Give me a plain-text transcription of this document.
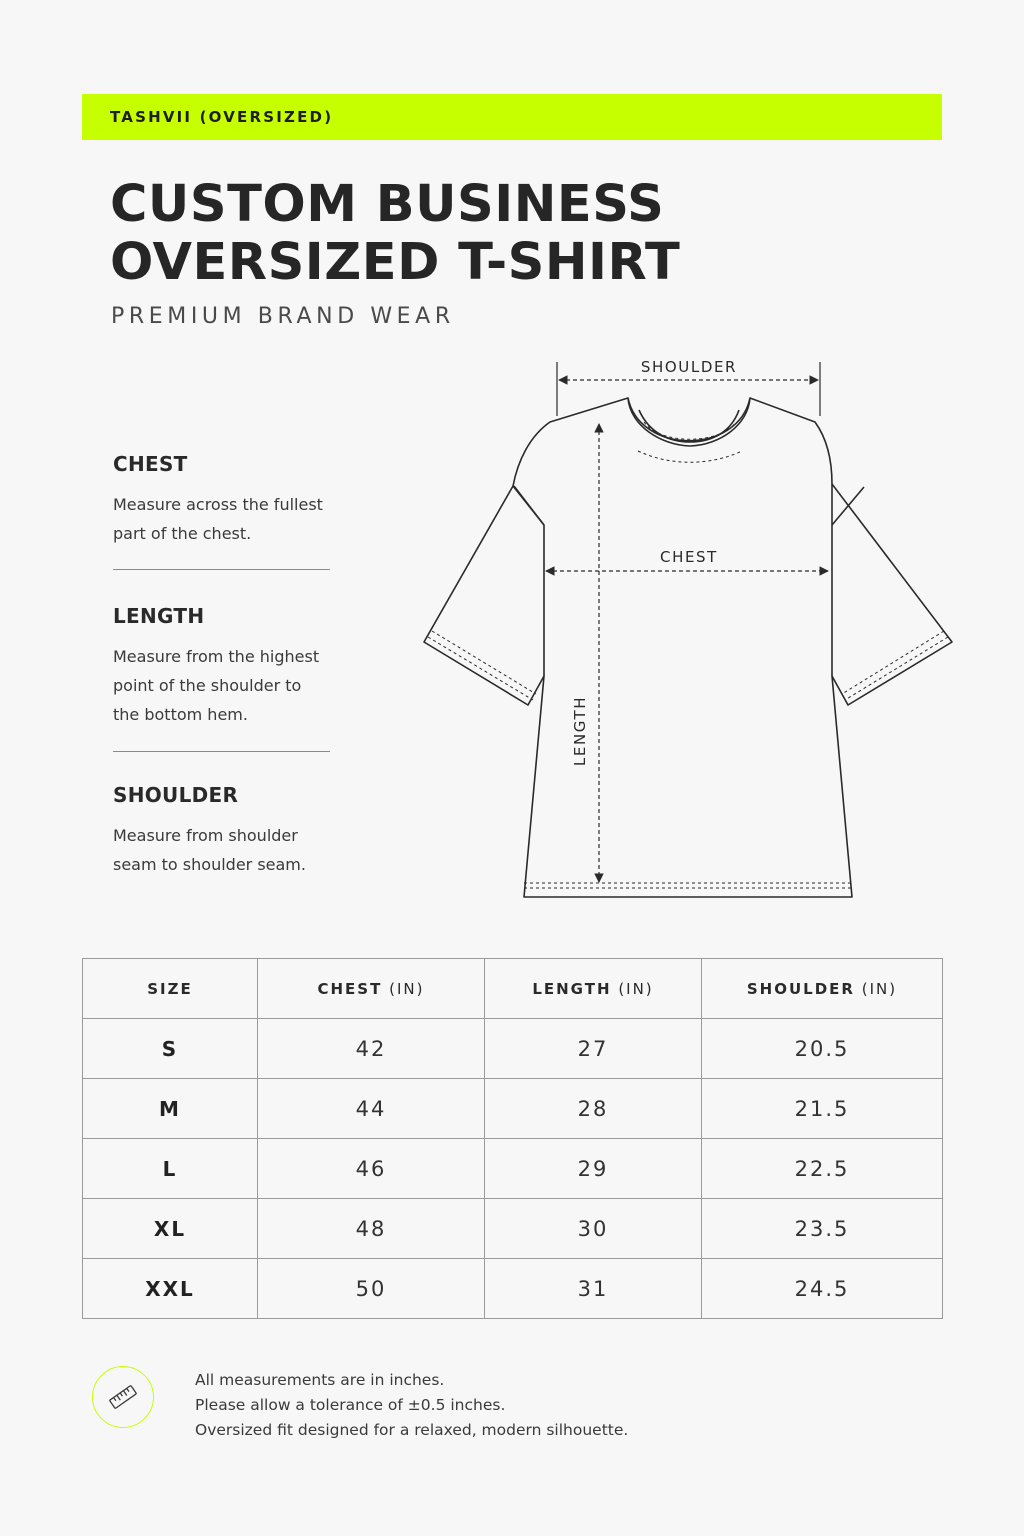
TASHVII (OVERSIZED)
CUSTOM BUSINESS
OVERSIZED T-SHIRT
PREMIUM BRAND WEAR
CHEST

Measure across the fullest part of the chest.

LENGTH

Measure from the highest point of the shoulder to the bottom hem.

SHOULDER

Measure from shoulder seam to shoulder seam.

SHOULDER
CHEST
LENGTH
SIZE	CHEST (IN)	LENGTH (IN)	SHOULDER (IN)
S	42	27	20.5
M	44	28	21.5
L	46	29	22.5
XL	48	30	23.5
XXL	50	31	24.5

All measurements are in inches.

Please allow a tolerance of ±0.5 inches.

Oversized fit designed for a relaxed, modern silhouette.
